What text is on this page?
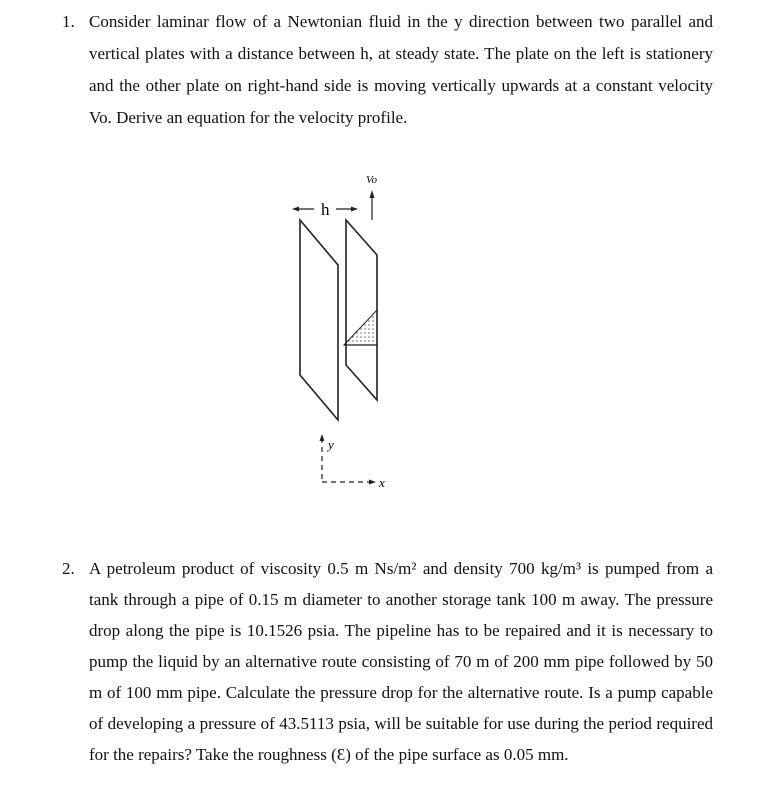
1. Consider laminar flow of a Newtonian fluid in the y direction between two parallel and vertical plates with a distance between h, at steady state. The plate on the left is stationery and the other plate on right-hand side is moving vertically upwards at a constant velocity Vo. Derive an equation for the velocity profile.
Vo
h
y
x
2. A petroleum product of viscosity 0.5 m Ns/m² and density 700 kg/m³ is pumped from a tank through a pipe of 0.15 m diameter to another storage tank 100 m away. The pressure drop along the pipe is 10.1526 psia. The pipeline has to be repaired and it is necessary to pump the liquid by an alternative route consisting of 70 m of 200 mm pipe followed by 50 m of 100 mm pipe. Calculate the pressure drop for the alternative route. Is a pump capable of developing a pressure of 43.5113 psia, will be suitable for use during the period required for the repairs? Take the roughness (Ɛ) of the pipe surface as 0.05 mm.
